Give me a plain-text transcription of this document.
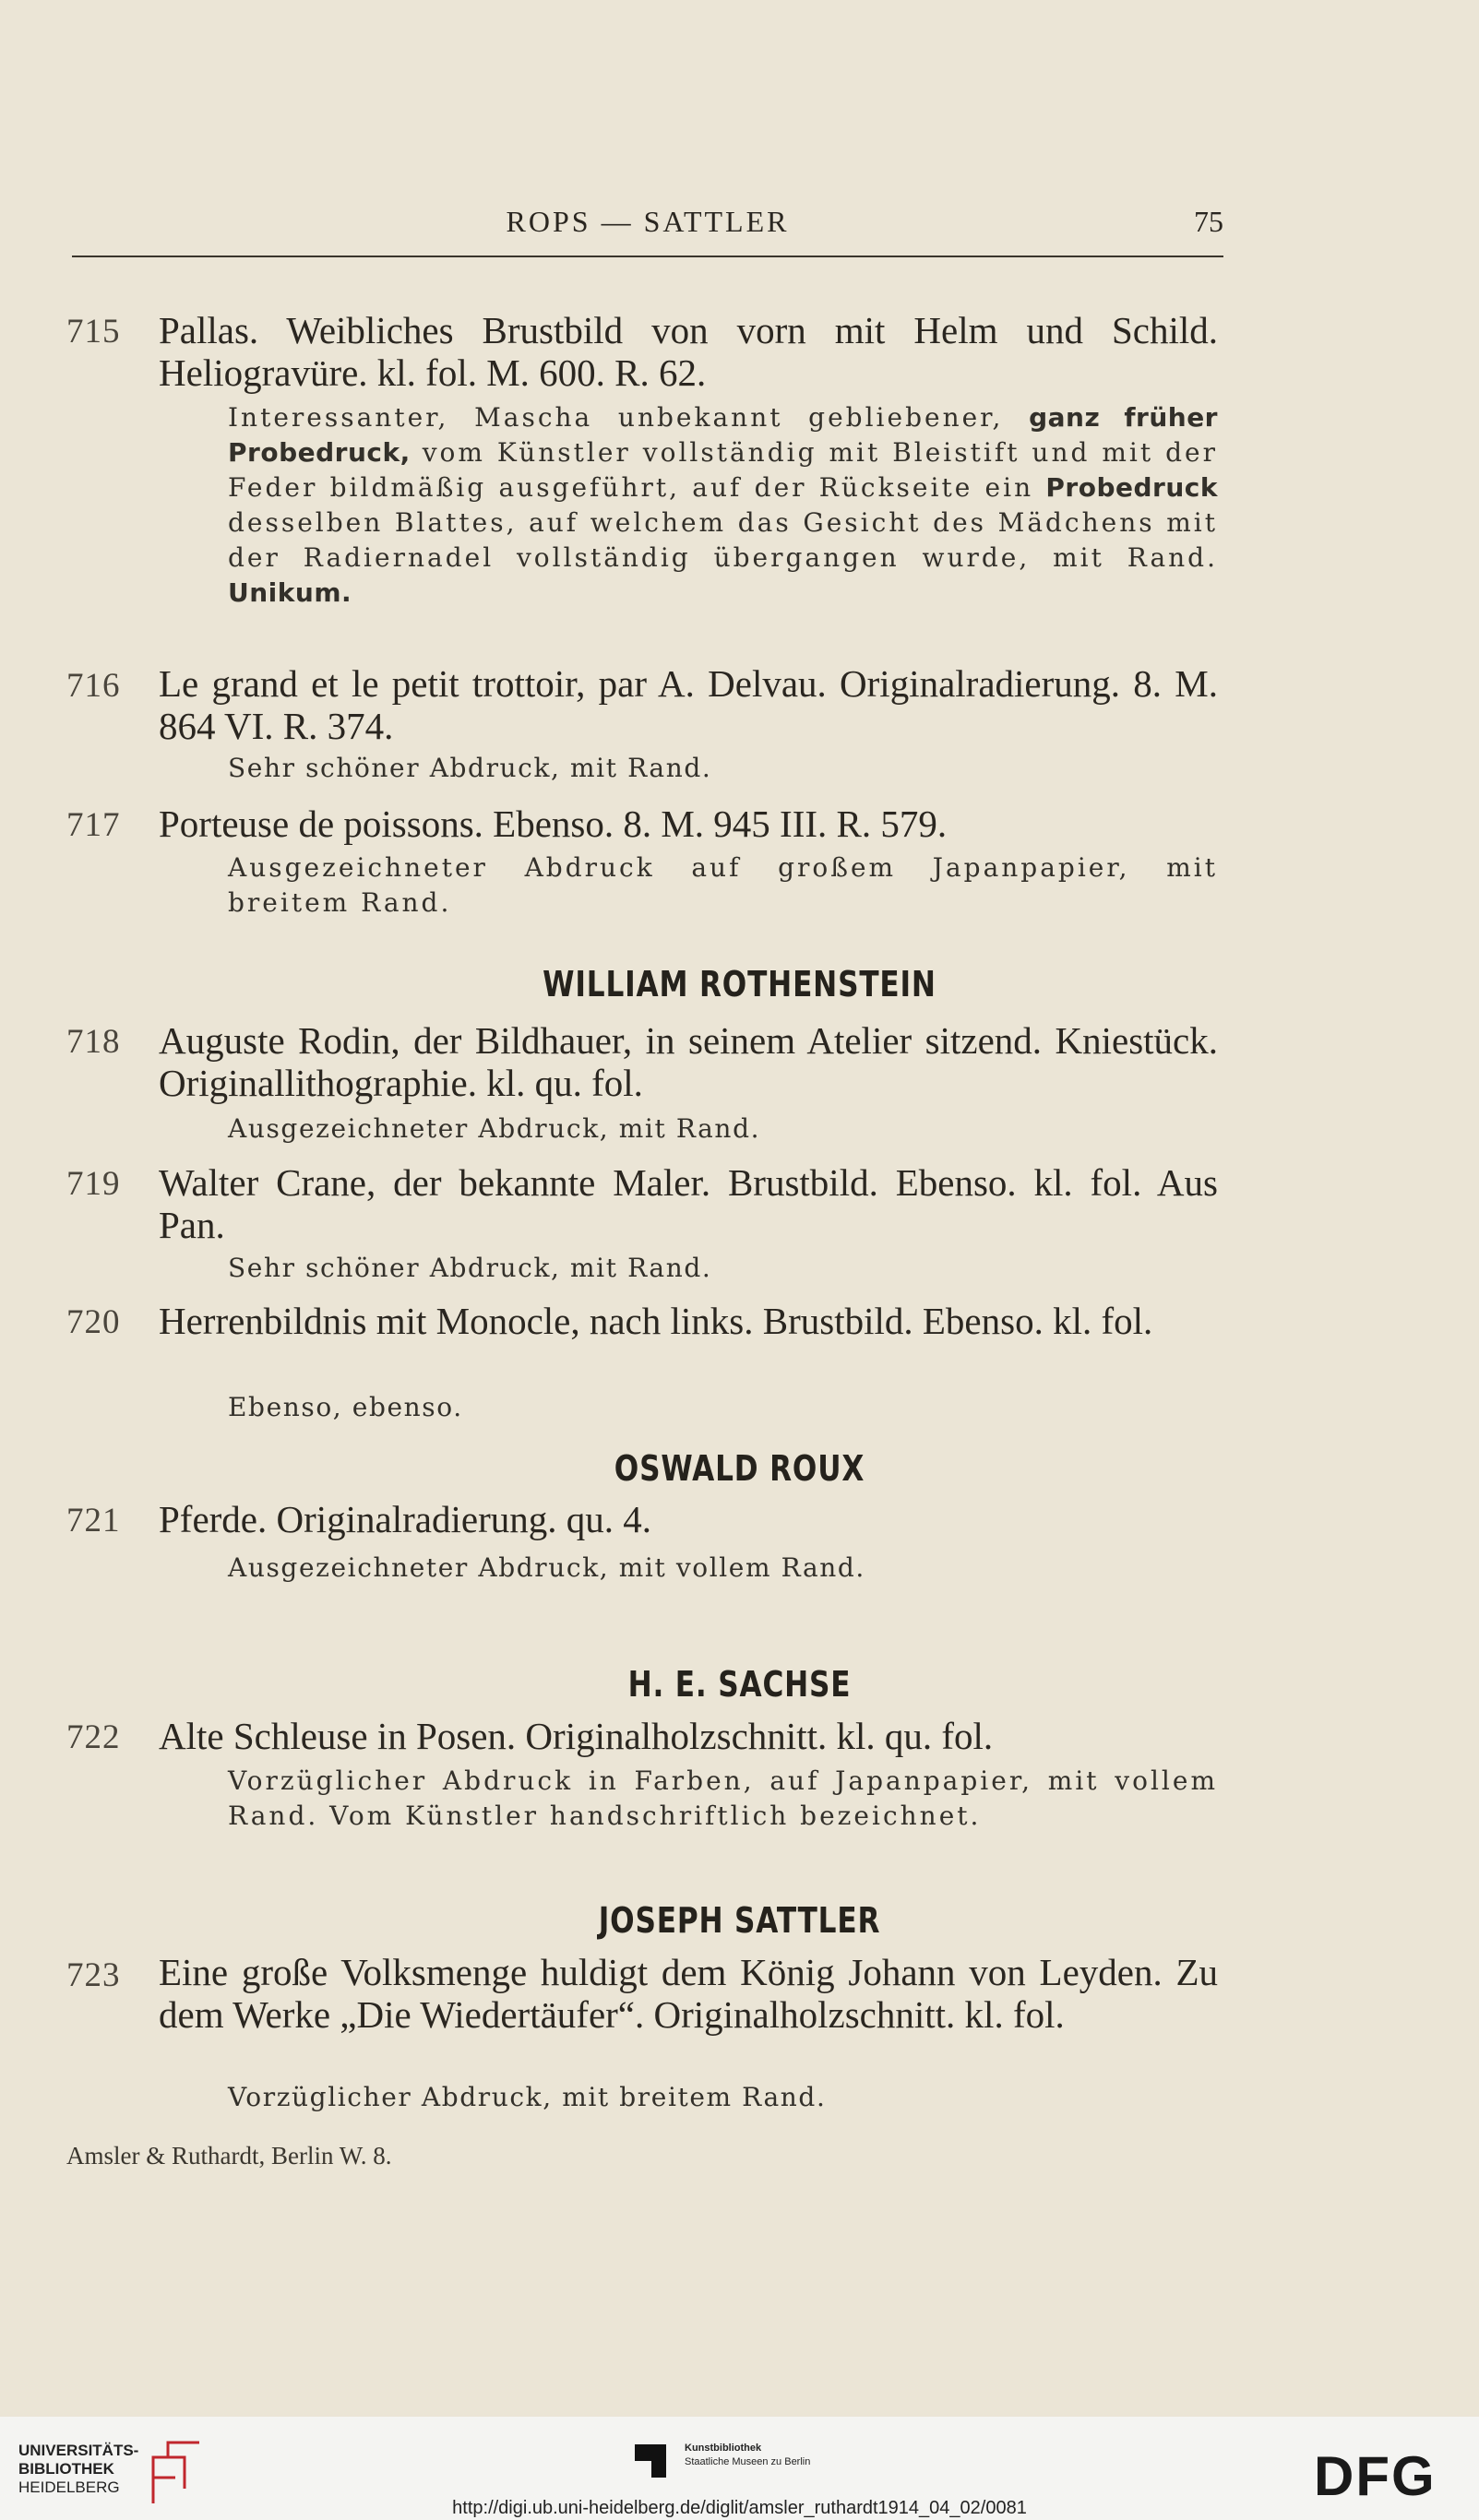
ROPS — SATTLER	75
715 Pallas. Weibliches Brustbild von vorn mit Helm und Schild. Heliogravüre. kl. fol. M. 600. R. 62.
Interessanter, Mascha unbekannt gebliebener, ganz früher Probedruck, vom Künstler vollständig mit Bleistift und mit der Feder bildmäßig ausgeführt, auf der Rückseite ein Probedruck desselben Blattes, auf welchem das Gesicht des Mädchens mit der Radiernadel vollständig übergangen wurde, mit Rand. Unikum.
716 Le grand et le petit trottoir, par A. Delvau. Originalradierung. 8. M. 864 VI. R. 374.
Sehr schöner Abdruck, mit Rand.
717 Porteuse de poissons. Ebenso. 8. M. 945 III. R. 579.
Ausgezeichneter Abdruck auf großem Japanpapier, mit breitem Rand.
WILLIAM ROTHENSTEIN
718 Auguste Rodin, der Bildhauer, in seinem Atelier sitzend. Kniestück. Originallithographie. kl. qu. fol.
Ausgezeichneter Abdruck, mit Rand.
719 Walter Crane, der bekannte Maler. Brustbild. Ebenso. kl. fol. Aus Pan.
Sehr schöner Abdruck, mit Rand.
720 Herrenbildnis mit Monocle, nach links. Brustbild. Ebenso. kl. fol.
Ebenso, ebenso.
OSWALD ROUX
721 Pferde. Originalradierung. qu. 4.
Ausgezeichneter Abdruck, mit vollem Rand.
H. E. SACHSE
722 Alte Schleuse in Posen. Originalholzschnitt. kl. qu. fol.
Vorzüglicher Abdruck in Farben, auf Japanpapier, mit vollem Rand. Vom Künstler handschriftlich bezeichnet.
JOSEPH SATTLER
723 Eine große Volksmenge huldigt dem König Johann von Leyden. Zu dem Werke „Die Wiedertäufer“. Originalholzschnitt. kl. fol.
Vorzüglicher Abdruck, mit breitem Rand.
Amsler & Ruthardt, Berlin W. 8.
UNIVERSITÄTS-
BIBLIOTHEK
HEIDELBERG
Kunstbibliothek
Staatliche Museen zu Berlin	DFG
http://digi.ub.uni-heidelberg.de/diglit/amsler_ruthardt1914_04_02/0081
